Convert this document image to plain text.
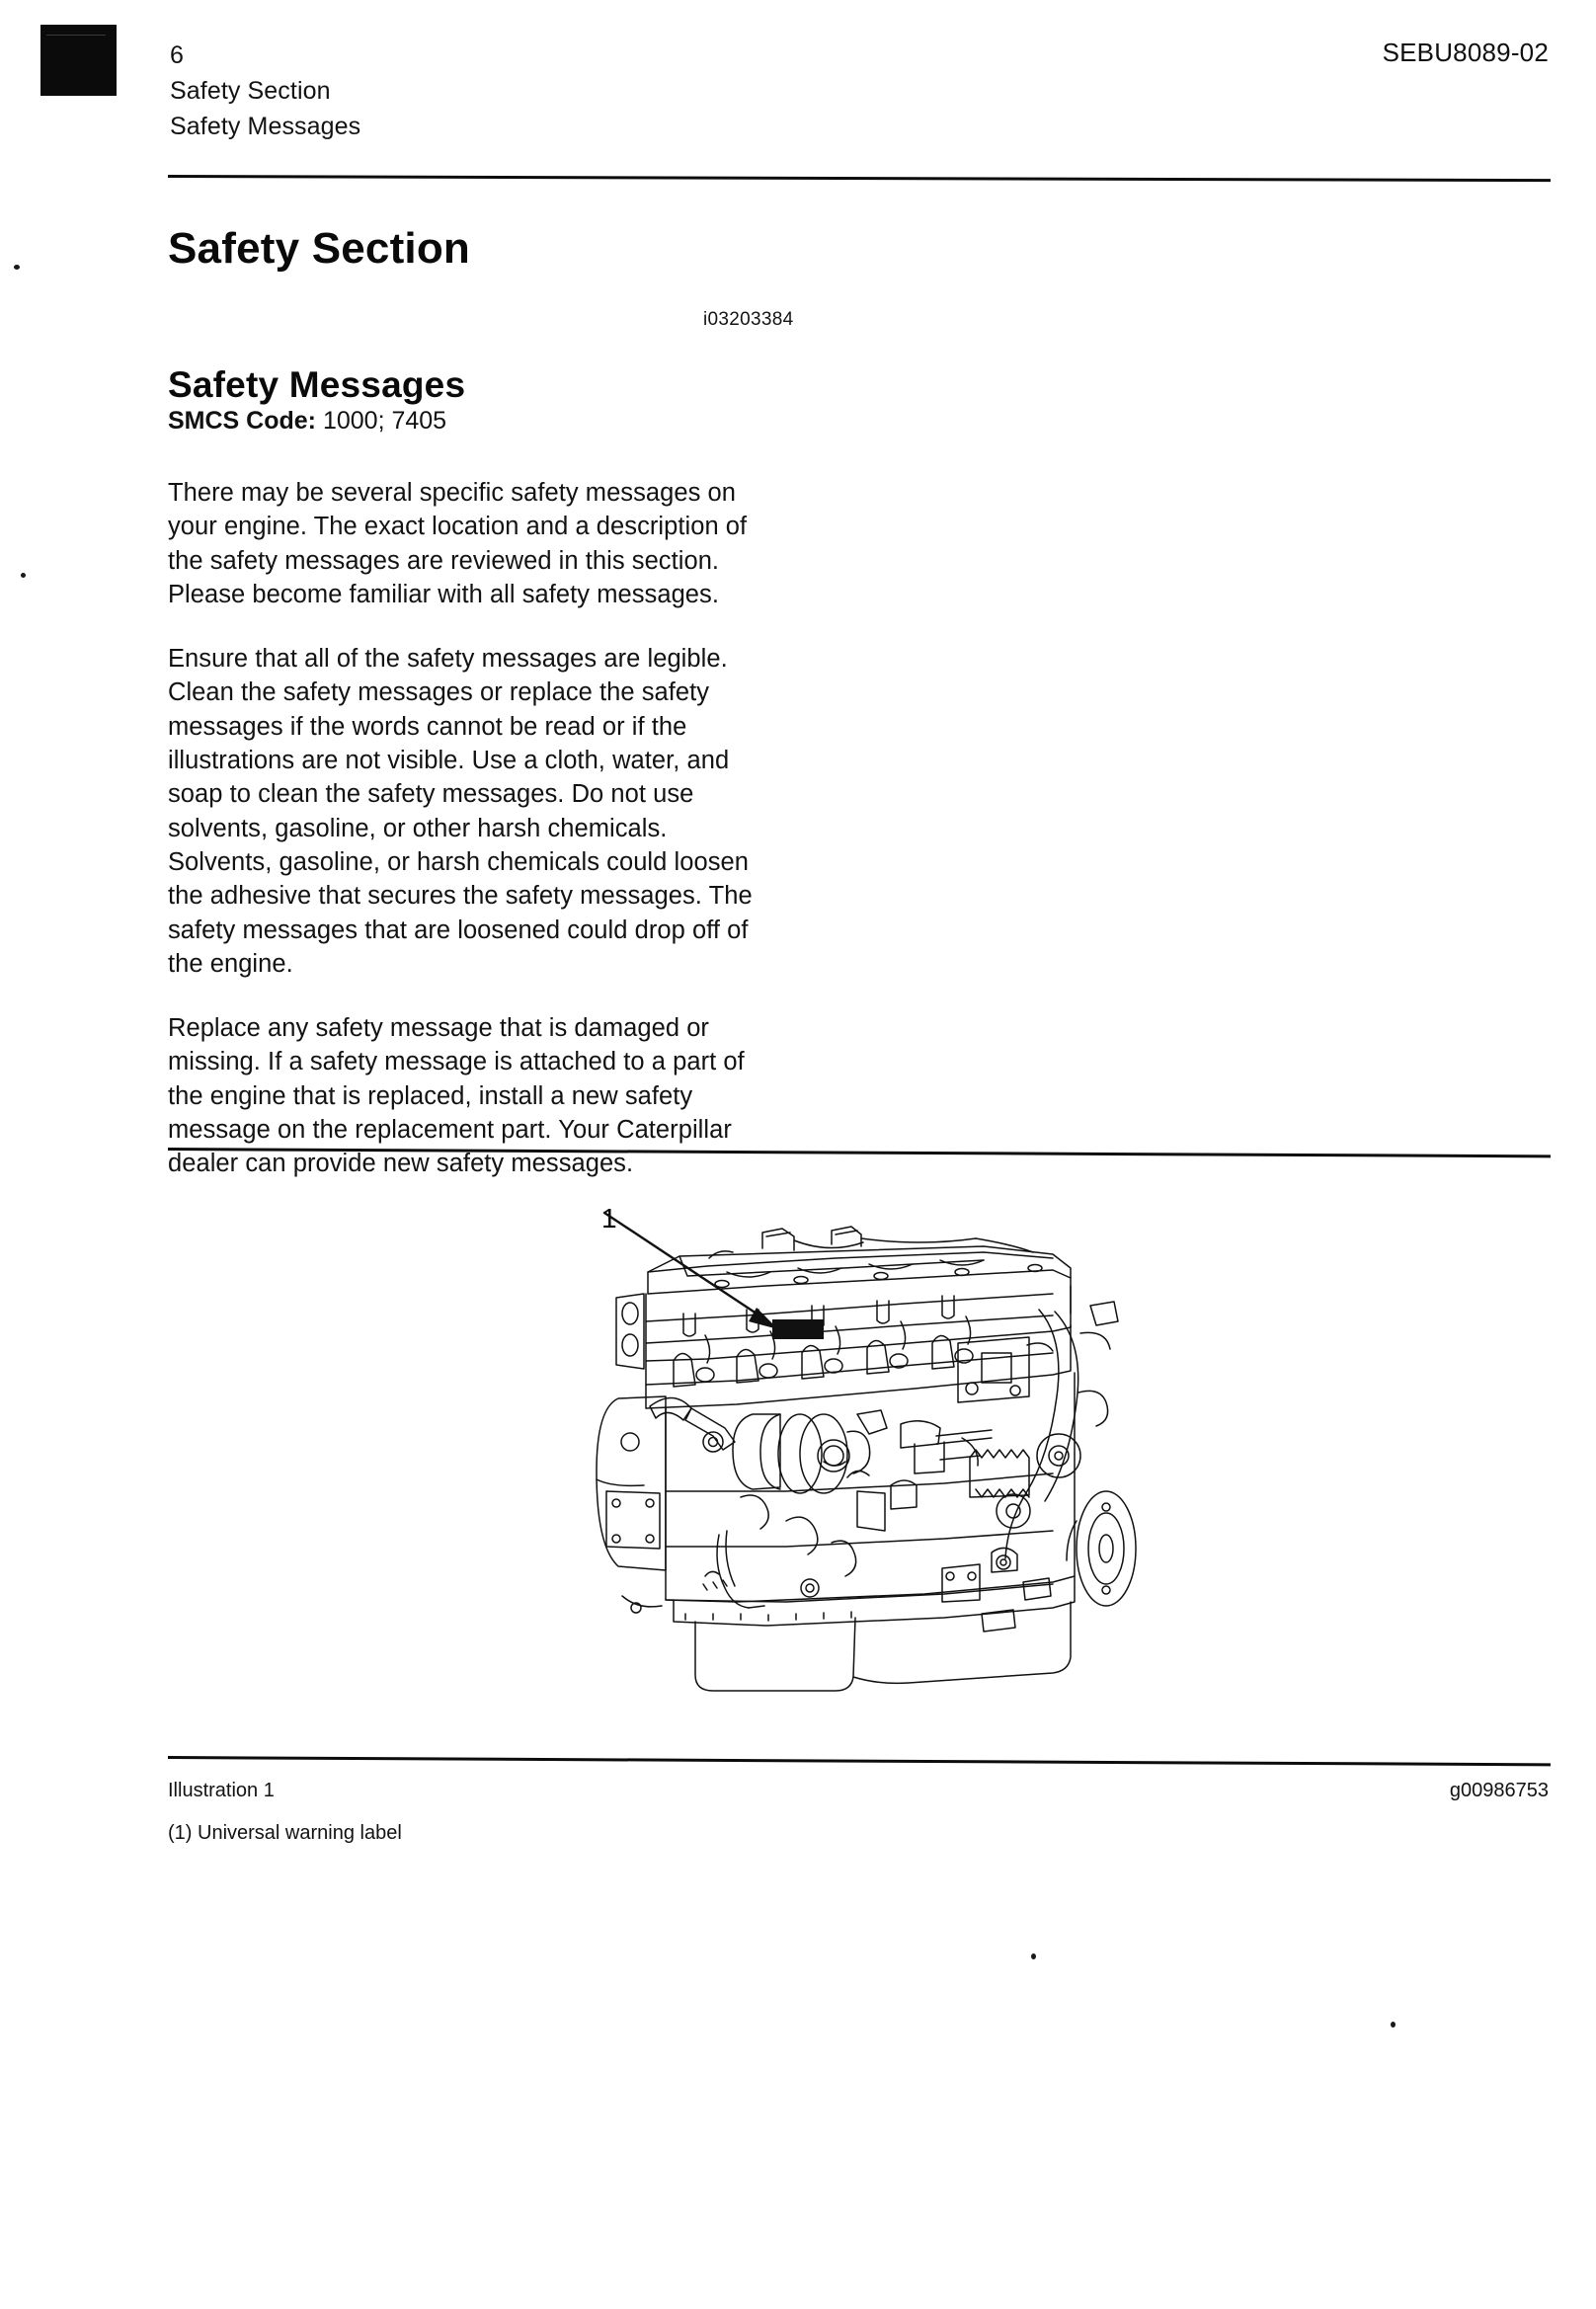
6
Safety Section
Safety Messages
SEBU8089-02
Safety Section
i03203384
Safety Messages
SMCS Code: 1000; 7405

There may be several specific safety messages on your engine. The exact location and a description of the safety messages are reviewed in this section. Please become familiar with all safety messages.

Ensure that all of the safety messages are legible. Clean the safety messages or replace the safety messages if the words cannot be read or if the illustrations are not visible. Use a cloth, water, and soap to clean the safety messages. Do not use solvents, gasoline, or other harsh chemicals. Solvents, gasoline, or harsh chemicals could loosen the adhesive that secures the safety messages. The safety messages that are loosened could drop off of the engine.

Replace any safety message that is damaged or missing. If a safety message is attached to a part of the engine that is replaced, install a new safety message on the replacement part. Your Caterpillar dealer can provide new safety messages.

1
Illustration 1	g00986753
(1) Universal warning label
